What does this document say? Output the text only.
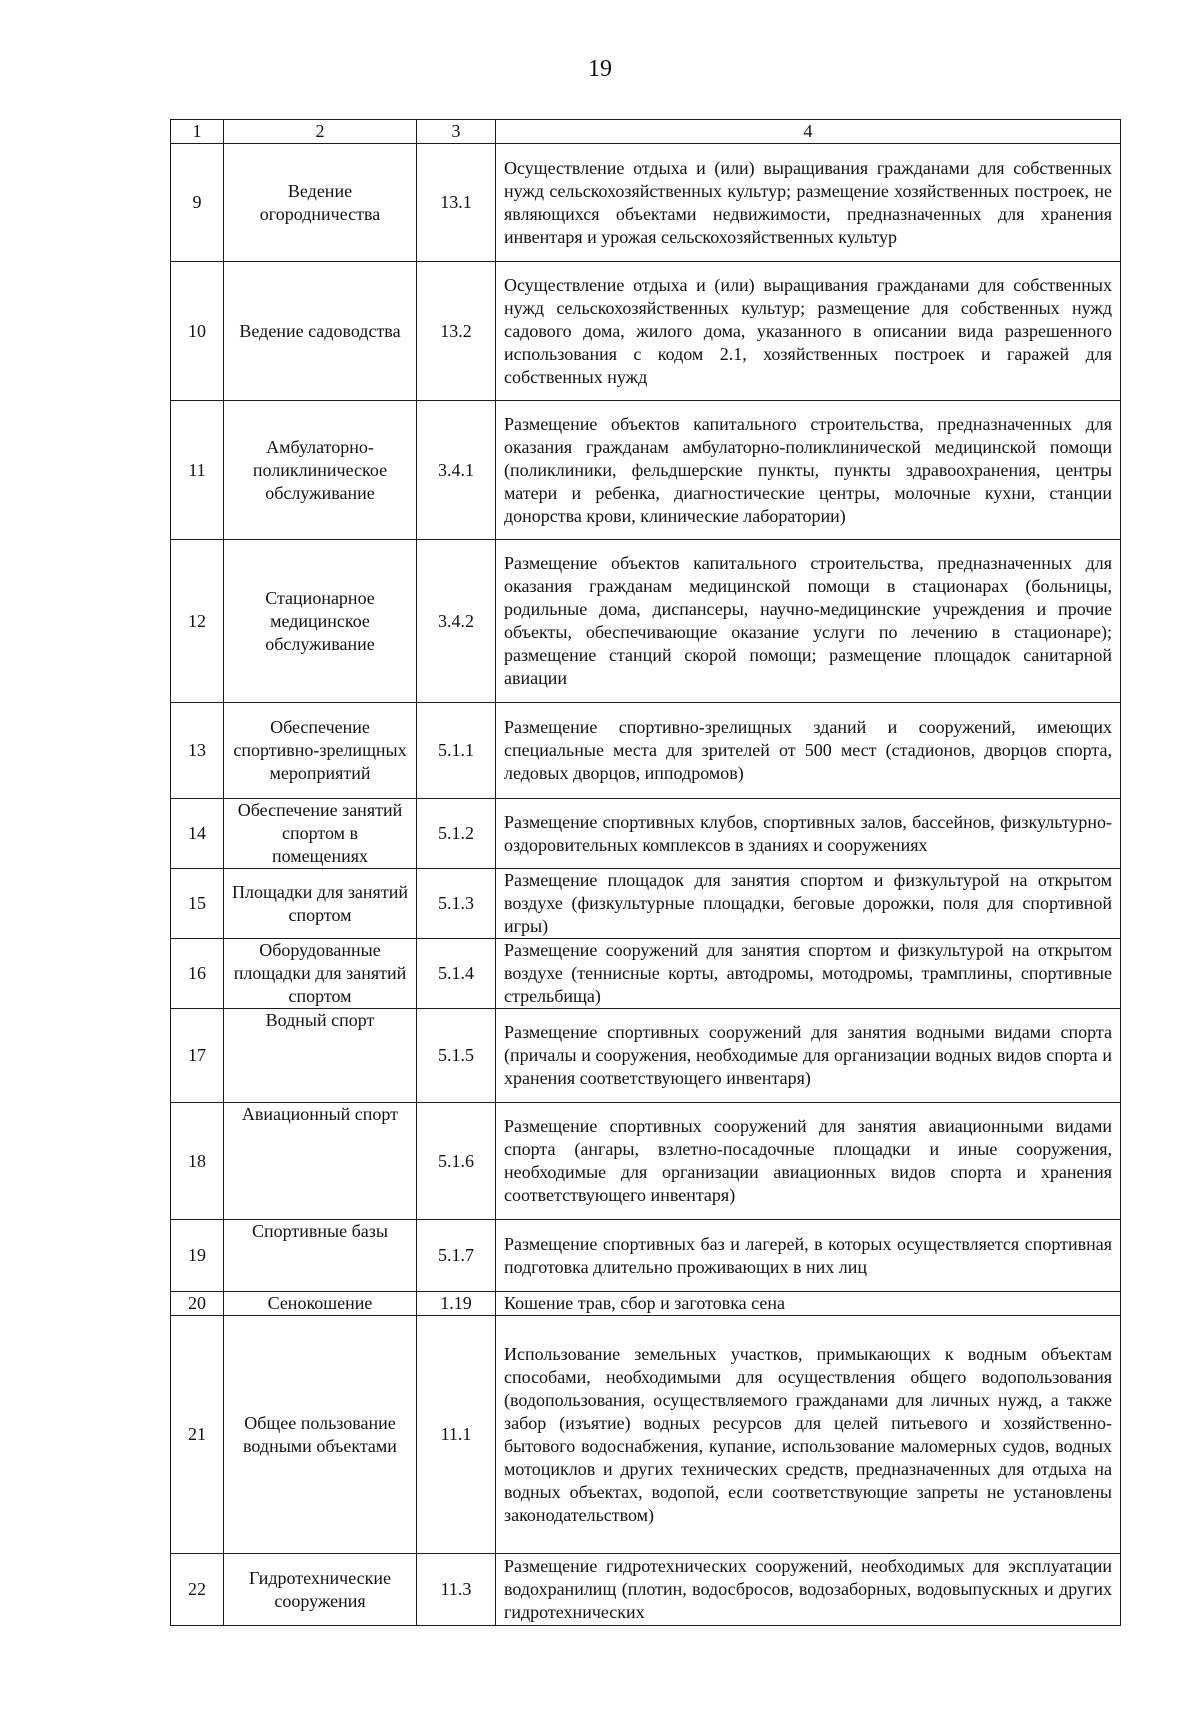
19
1	2	3	4
9	Ведение огородничества	13.1	Осуществление отдыха и (или) выращивания гражданами для собственных нужд сельскохозяйственных культур; размещение хозяйственных построек, не являющихся объектами недвижимости, предназначенных для хранения инвентаря и урожая сельскохозяйственных культур
10	Ведение садоводства	13.2	Осуществление отдыха и (или) выращивания гражданами для собственных нужд сельскохозяйственных культур; размещение для собственных нужд садового дома, жилого дома, указанного в описании вида разрешенного использования с кодом 2.1, хозяйственных построек и гаражей для собственных нужд
11	Амбулаторно-поликлиническое обслуживание	3.4.1	Размещение объектов капитального строительства, предназначенных для оказания гражданам амбулаторно-поликлинической медицинской помощи (поликлиники, фельдшерские пункты, пункты здравоохранения, центры матери и ребенка, диагностические центры, молочные кухни, станции донорства крови, клинические лаборатории)
12	Стационарное медицинское обслуживание	3.4.2	Размещение объектов капитального строительства, предназначенных для оказания гражданам медицинской помощи в стационарах (больницы, родильные дома, диспансеры, научно-медицинские учреждения и прочие объекты, обеспечивающие оказание услуги по лечению в стационаре); размещение станций скорой помощи; размещение площадок санитарной авиации
13	Обеспечение спортивно-зрелищных мероприятий	5.1.1	Размещение спортивно-зрелищных зданий и сооружений, имеющих специальные места для зрителей от 500 мест (стадионов, дворцов спорта, ледовых дворцов, ипподромов)
14	Обеспечение занятий спортом в помещениях	5.1.2	Размещение спортивных клубов, спортивных залов, бассейнов, физкультурно-оздоровительных комплексов в зданиях и сооружениях
15	Площадки для занятий спортом	5.1.3	Размещение площадок для занятия спортом и физкультурой на открытом воздухе (физкультурные площадки, беговые дорожки, поля для спортивной игры)
16	Оборудованные площадки для занятий спортом	5.1.4	Размещение сооружений для занятия спортом и физкультурой на открытом воздухе (теннисные корты, автодромы, мотодромы, трамплины, спортивные стрельбища)
17	Водный спорт	5.1.5	Размещение спортивных сооружений для занятия водными видами спорта (причалы и сооружения, необходимые для организации водных видов спорта и хранения соответствующего инвентаря)
18	Авиационный спорт	5.1.6	Размещение спортивных сооружений для занятия авиационными видами спорта (ангары, взлетно-посадочные площадки и иные сооружения, необходимые для организации авиационных видов спорта и хранения соответствующего инвентаря)
19	Спортивные базы	5.1.7	Размещение спортивных баз и лагерей, в которых осуществляется спортивная подготовка длительно проживающих в них лиц
20	Сенокошение	1.19	Кошение трав, сбор и заготовка сена
21	Общее пользование водными объектами	11.1	Использование земельных участков, примыкающих к водным объектам способами, необходимыми для осуществления общего водопользования (водопользования, осуществляемого гражданами для личных нужд, а также забор (изъятие) водных ресурсов для целей питьевого и хозяйственно-бытового водоснабжения, купание, использование маломерных судов, водных мотоциклов и других технических средств, предназначенных для отдыха на водных объектах, водопой, если соответствующие запреты не установлены законодательством)
22	Гидротехнические сооружения	11.3	Размещение гидротехнических сооружений, необходимых для эксплуатации водохранилищ (плотин, водосбросов, водозаборных, водовыпускных и других гидротехнических
